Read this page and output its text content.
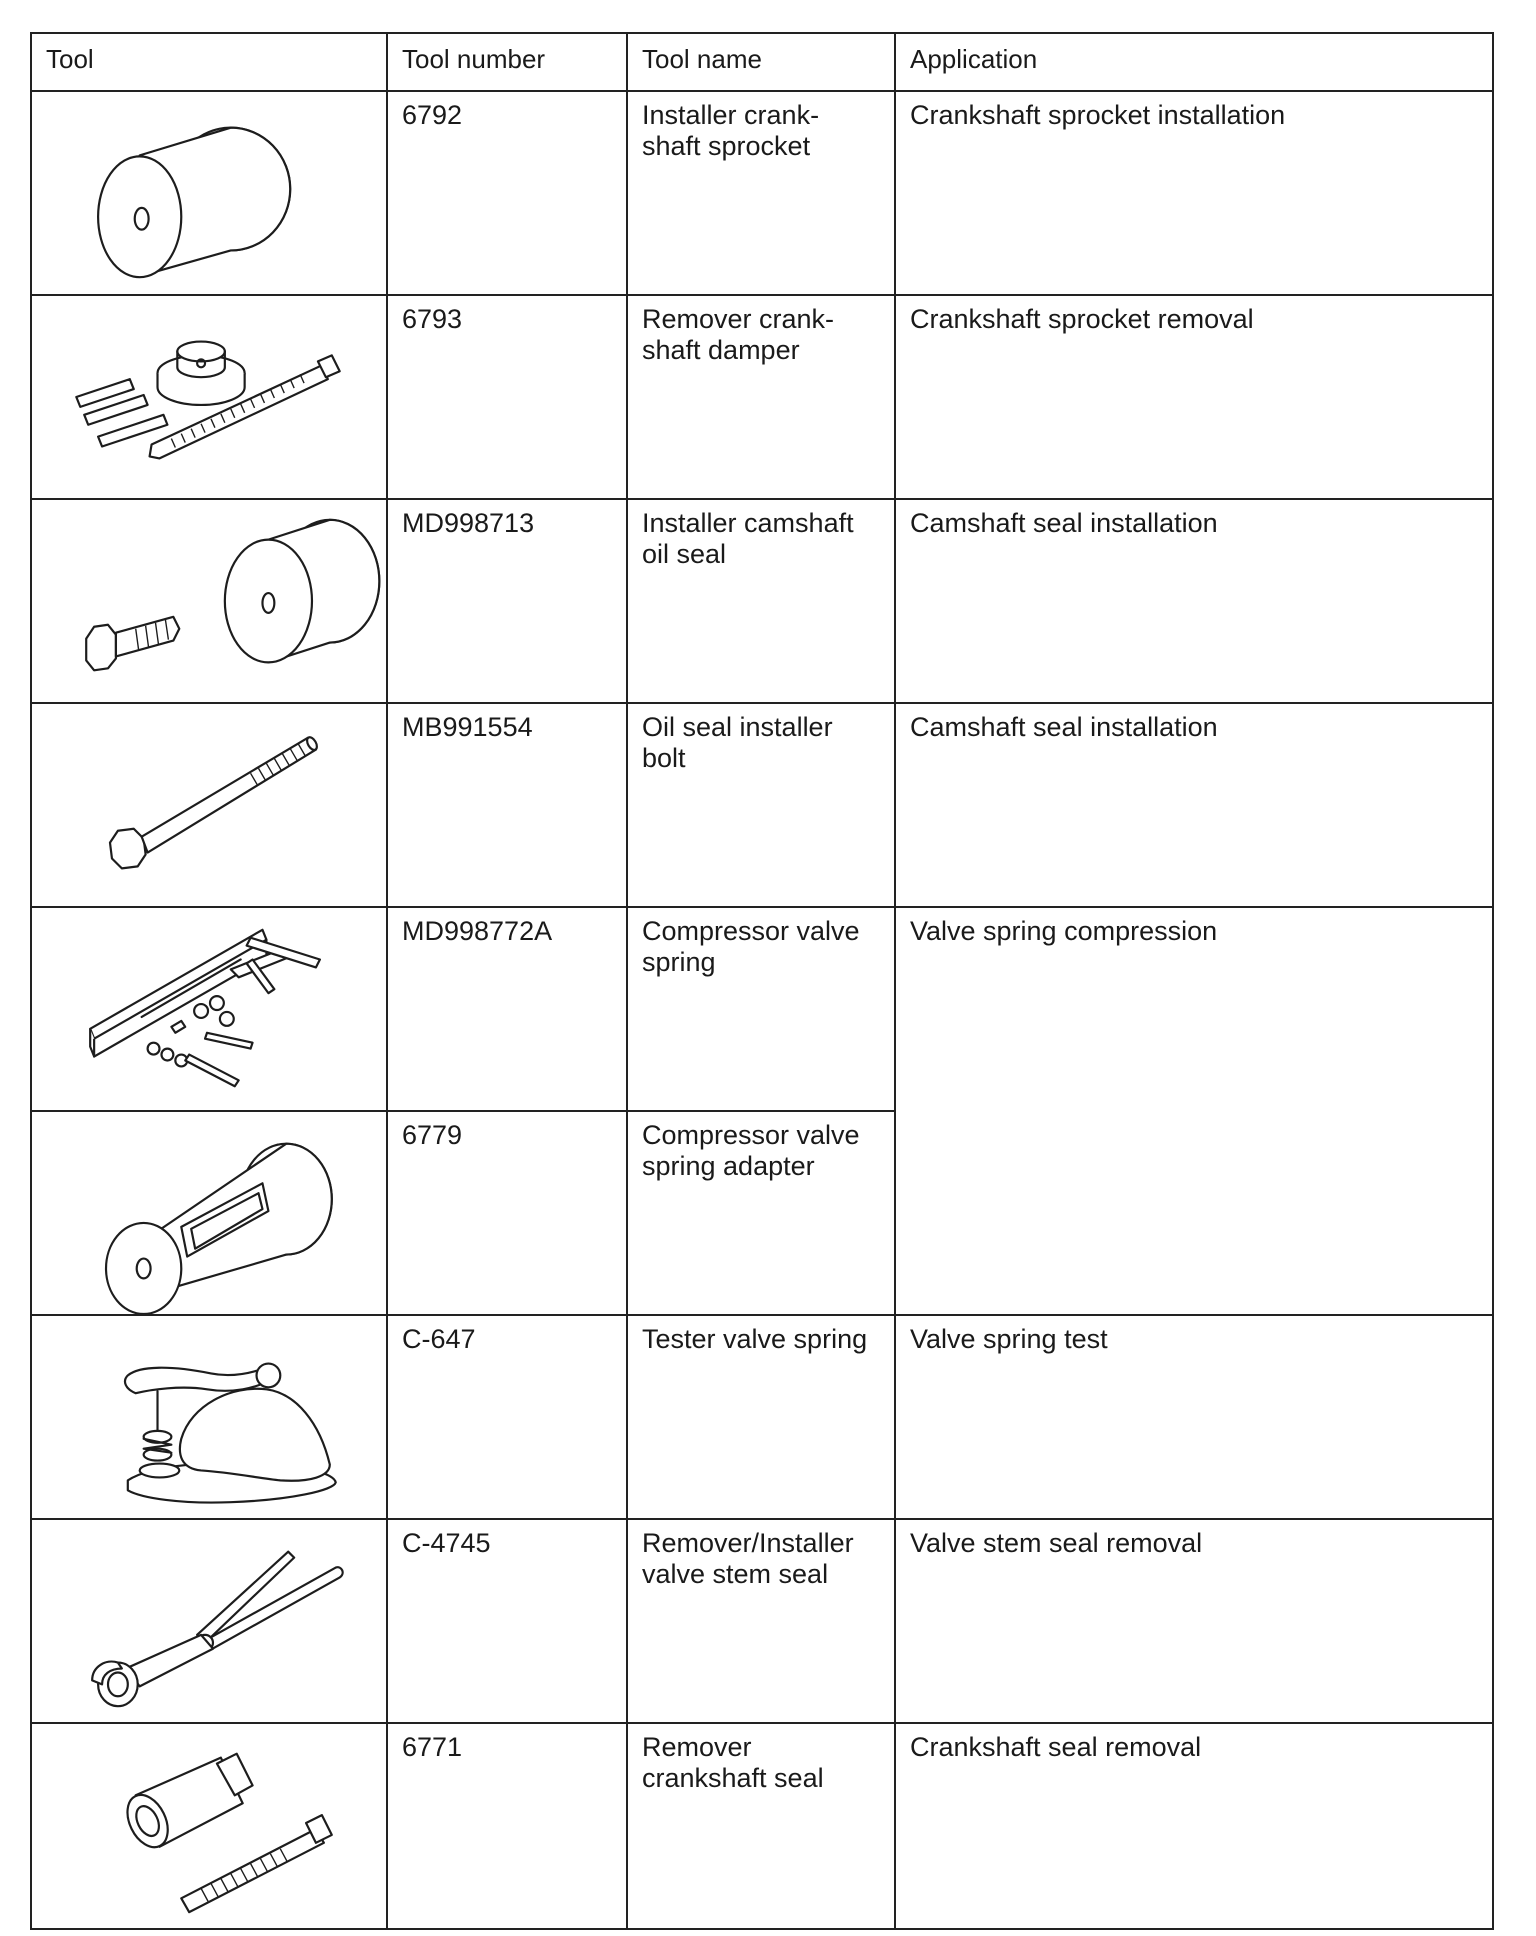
Tool	Tool number	Tool name	Application

	6792	Installer crank-
shaft sprocket	Crankshaft sprocket installation

	6793	Remover crank-
shaft damper	Crankshaft sprocket removal

	MD998713	Installer camshaft
oil seal	Camshaft seal installation

	MB991554	Oil seal installer
bolt	Camshaft seal installation

	MD998772A	Compressor valve
spring	Valve spring compression

	6779	Compressor valve
spring adapter	

	C-647	Tester valve spring	Valve spring test

	C-4745	Remover/Installer
valve stem seal	Valve stem seal removal

	6771	Remover
crankshaft seal	Crankshaft seal removal
